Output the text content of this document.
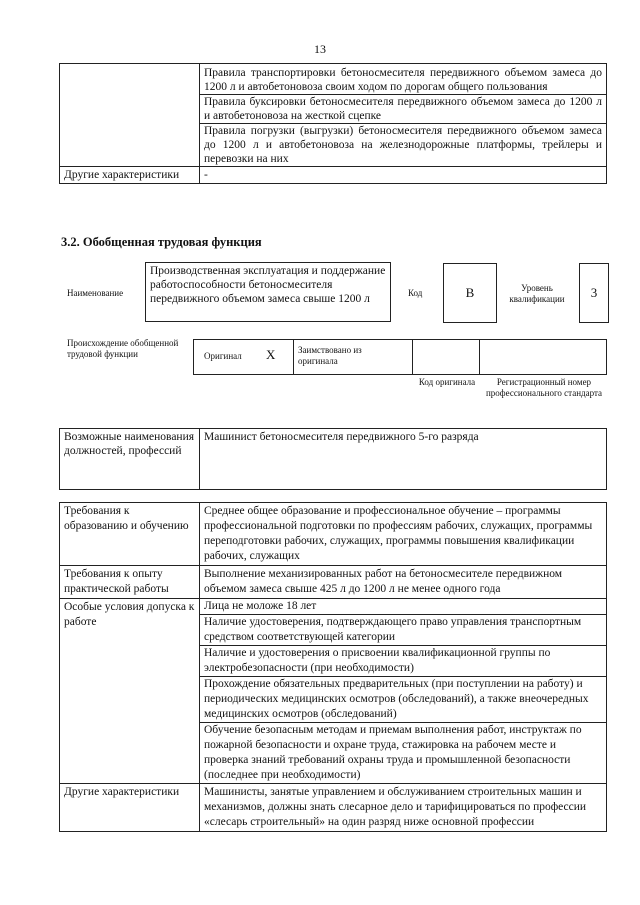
13

	Правила транспортировки бетоносмесителя передвижного объемом замеса до 1200 л и автобетоновоза своим ходом по дорогам общего пользования
Правила буксировки бетоносмесителя передвижного объемом замеса до 1200 л и автобетоновоза на жесткой сцепке
Правила погрузки (выгрузки) бетоносмесителя передвижного объемом замеса до 1200 л и автобетоновоза на железнодорожные платформы, трейлеры и перевозки на них

Другие характеристики	-
3.2. Обобщенная трудовая функция
Наименование
Производственная эксплуатация и поддержание работоспособности бетоносмесителя передвижного объемом замеса свыше 1200 л	Код	B	Уровень квалификации	3
Происхождение обобщенной трудовой функции	Оригинал X	Заимствовано из оригинала
Код оригинала	Регистрационный номер профессионального стандарта
Возможные наименования должностей, профессий	Машинист бетоносмесителя передвижного 5-го разряда
Требования к образованию и обучению	Среднее общее образование и профессиональное обучение – программы профессиональной подготовки по профессиям рабочих, служащих, программы переподготовки рабочих, служащих, программы повышения квалификации рабочих, служащих
Требования к опыту практической работы	Выполнение механизированных работ на бетоносмесителе передвижном объемом замеса свыше 425 л до 1200 л не менее одного года
Особые условия допуска к работе	Лица не моложе 18 лет
Наличие удостоверения, подтверждающего право управления транспортным средством соответствующей категории
Наличие и удостоверения о присвоении квалификационной группы по электробезопасности (при необходимости)
Прохождение обязательных предварительных (при поступлении на работу) и периодических медицинских осмотров (обследований), а также внеочередных медицинских осмотров (обследований)
Обучение безопасным методам и приемам выполнения работ, инструктаж по пожарной безопасности и охране труда, стажировка на рабочем месте и проверка знаний требований охраны труда и промышленной безопасности (последнее при необходимости)

Другие характеристики	Машинисты, занятые управлением и обслуживанием строительных машин и механизмов, должны знать слесарное дело и тарифицироваться по профессии «слесарь строительный» на один разряд ниже основной профессии
